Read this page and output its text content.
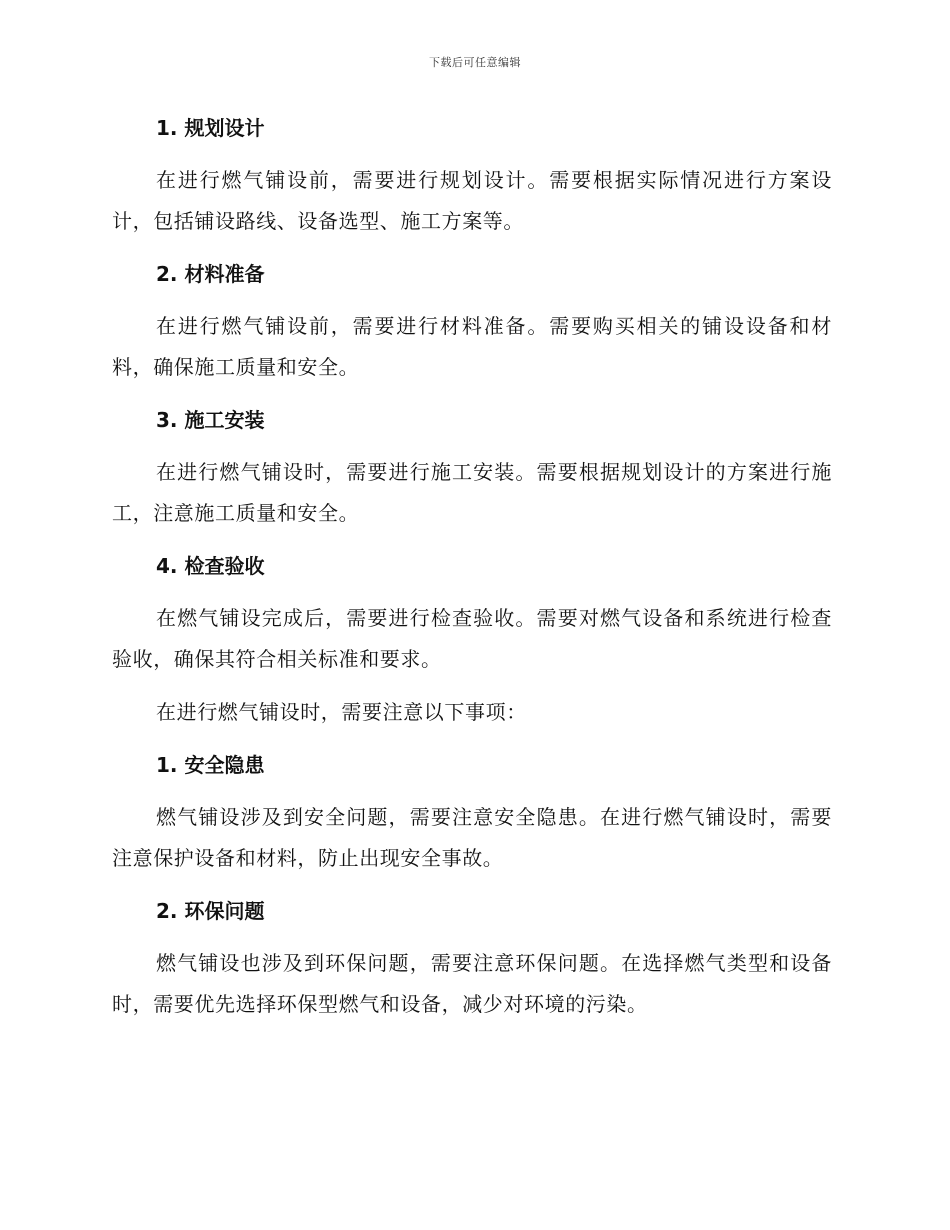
下载后可任意编辑
1. 规划设计

在进行燃气铺设前，需要进行规划设计。需要根据实际情况进行方案设计，包括铺设路线、设备选型、施工方案等。

2. 材料准备

在进行燃气铺设前，需要进行材料准备。需要购买相关的铺设设备和材料，确保施工质量和安全。

3. 施工安装

在进行燃气铺设时，需要进行施工安装。需要根据规划设计的方案进行施工，注意施工质量和安全。

4. 检查验收

在燃气铺设完成后，需要进行检查验收。需要对燃气设备和系统进行检查验收，确保其符合相关标准和要求。

在进行燃气铺设时，需要注意以下事项：

1. 安全隐患

燃气铺设涉及到安全问题，需要注意安全隐患。在进行燃气铺设时，需要注意保护设备和材料，防止出现安全事故。

2. 环保问题

燃气铺设也涉及到环保问题，需要注意环保问题。在选择燃气类型和设备时，需要优先选择环保型燃气和设备，减少对环境的污染。
